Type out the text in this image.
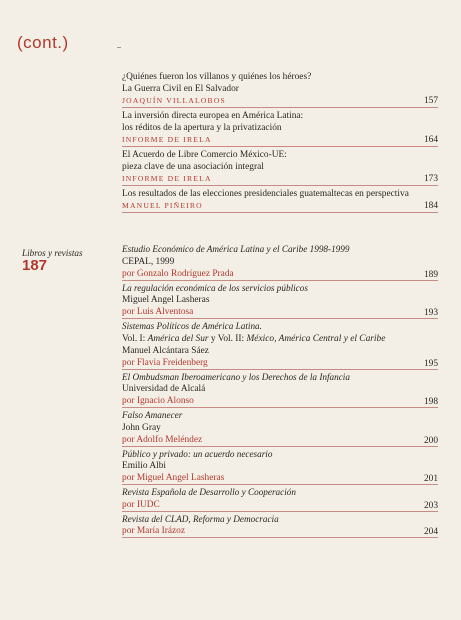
(cont.)
¿Quiénes fueron los villanos y quiénes los héroes?
La Guerra Civil en El Salvador
JOAQUÍN VILLALOBOS	157
La inversión directa europea en América Latina:
los réditos de la apertura y la privatización
INFORME DE IRELA	164
El Acuerdo de Libre Comercio México-UE:
pieza clave de una asociación integral
INFORME DE IRELA	173
Los resultados de las elecciones presidenciales guatemaltecas en perspectiva
MANUEL PIÑEIRO	184
Libros y revistas
187
Estudio Económico de América Latina y el Caribe 1998-1999
CEPAL, 1999
por Gonzalo Rodríguez Prada	189
La regulación económica de los servicios públicos
Miguel Angel Lasheras
por Luis Alventosa	193
Sistemas Políticos de América Latina.
Vol. I: América del Sur y Vol. II: México, América Central y el Caribe
Manuel Alcántara Sáez
por Flavia Freidenberg	195
El Ombudsman Iberoamericano y los Derechos de la Infancia
Universidad de Alcalá
por Ignacio Alonso	198
Falso Amanecer
John Gray
por Adolfo Meléndez	200
Público y privado: un acuerdo necesario
Emilio Albi
por Miguel Angel Lasheras	201
Revista Española de Desarrollo y Cooperación
por IUDC	203
Revista del CLAD, Reforma y Democracia
por María Irázoz	204
